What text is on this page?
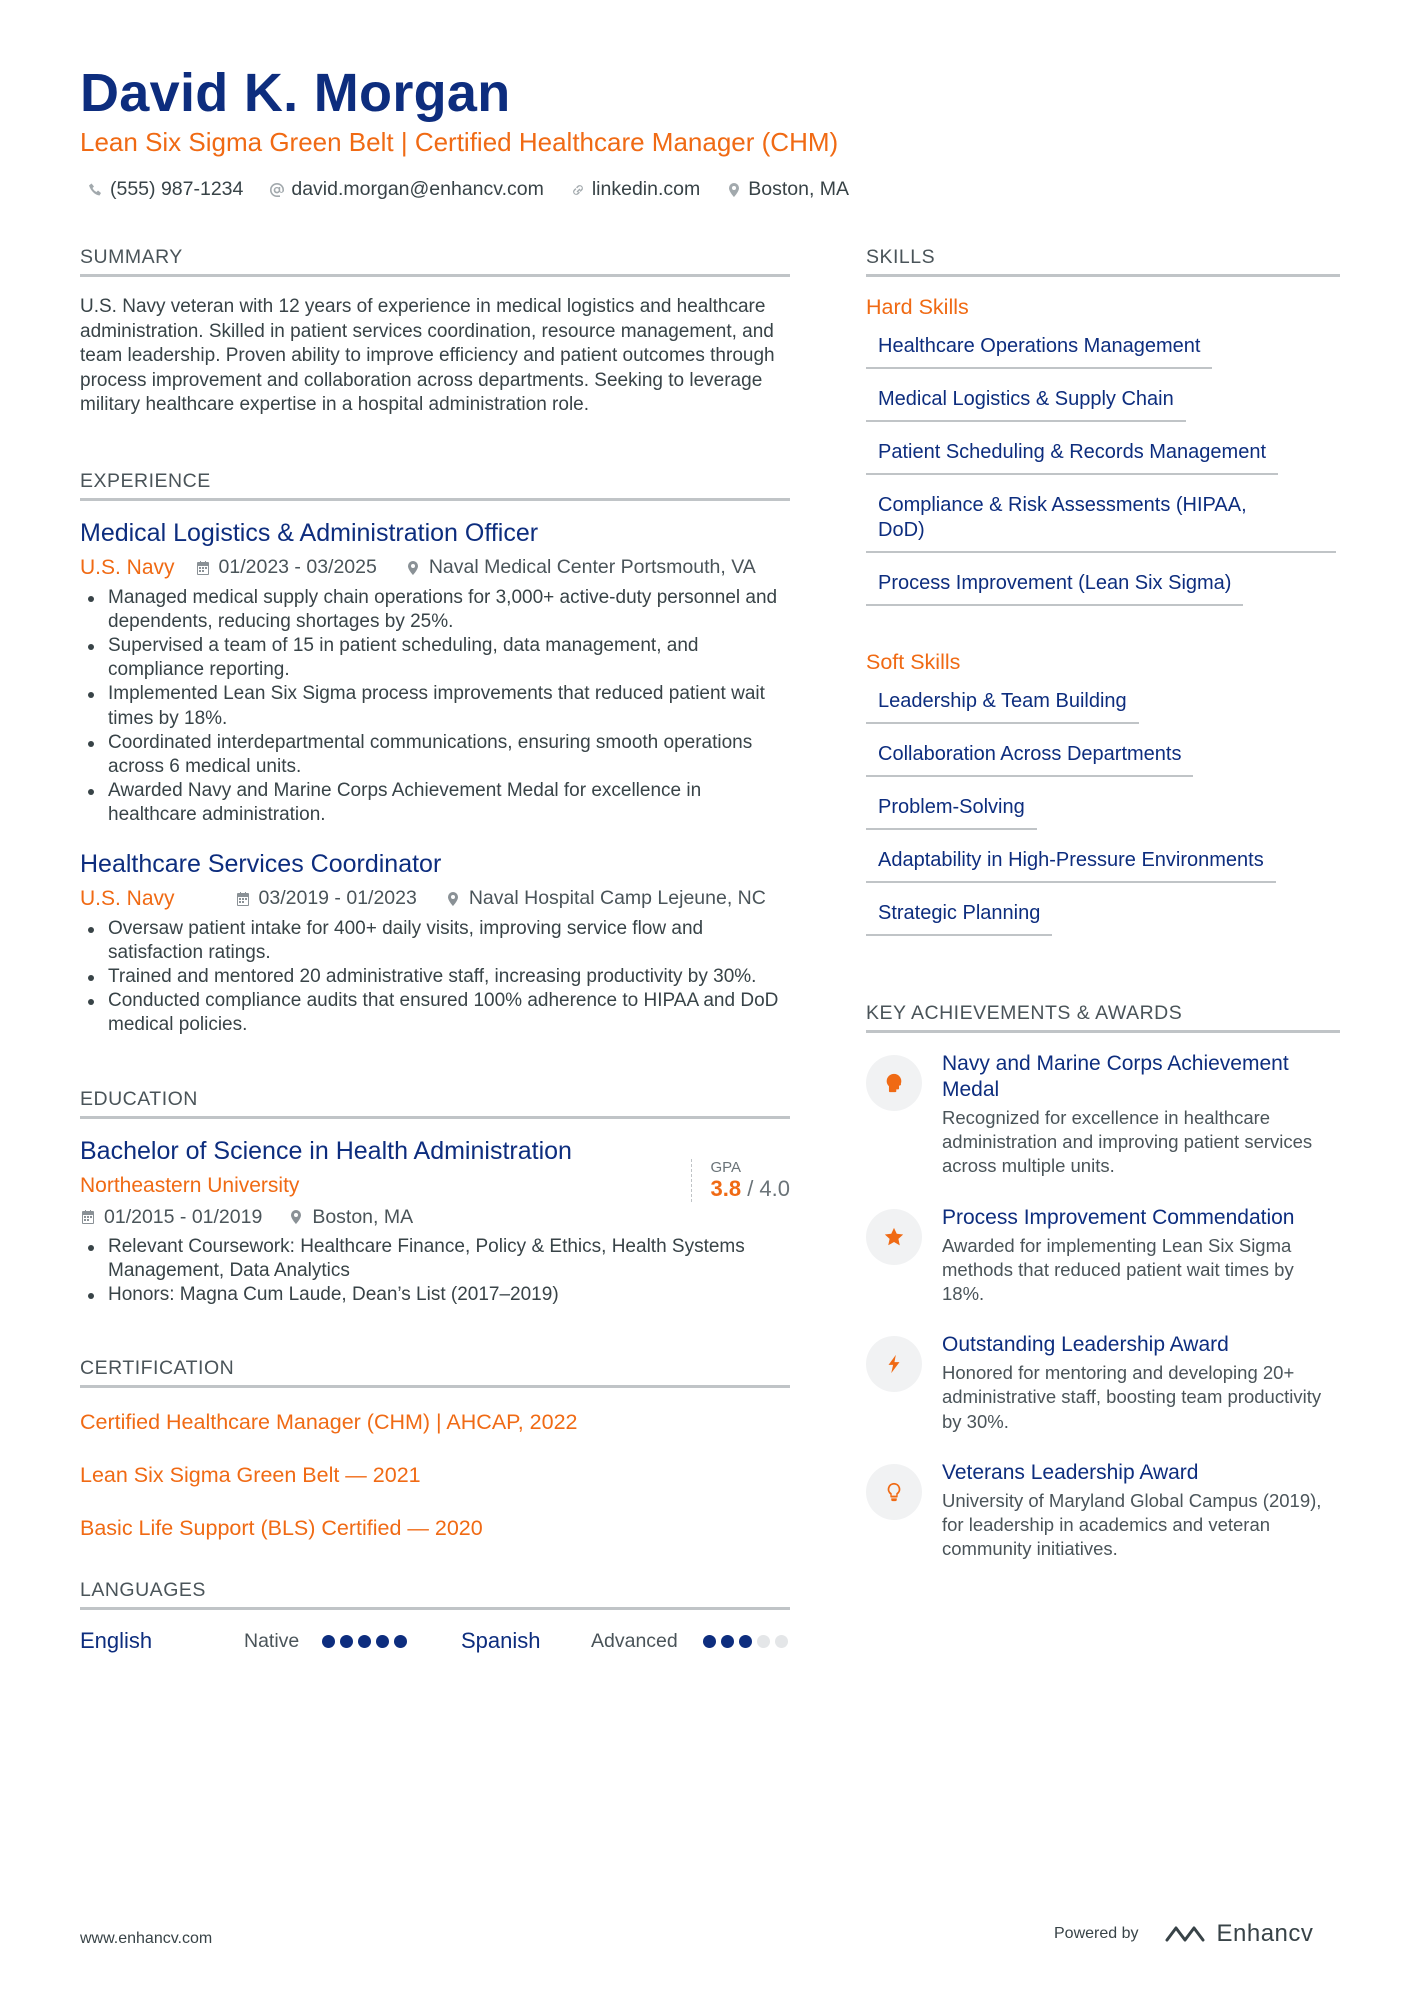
David K. Morgan
Lean Six Sigma Green Belt | Certified Healthcare Manager (CHM)
(555) 987-1234 david.morgan@enhancv.com linkedin.com Boston, MA
SUMMARY

U.S. Navy veteran with 12 years of experience in medical logistics and healthcare administration. Skilled in patient services coordination, resource management, and team leadership. Proven ability to improve efficiency and patient outcomes through process improvement and collaboration across departments. Seeking to leverage military healthcare expertise in a hospital administration role.

EXPERIENCE
Medical Logistics & Administration Officer
U.S. Navy 01/2023 - 03/2025	Naval Medical Center Portsmouth, VA
Managed medical supply chain operations for 3,000+ active-duty personnel and dependents, reducing shortages by 25%.
Supervised a team of 15 in patient scheduling, data management, and compliance reporting.
Implemented Lean Six Sigma process improvements that reduced patient wait times by 18%.
Coordinated interdepartmental communications, ensuring smooth operations across 6 medical units.
Awarded Navy and Marine Corps Achievement Medal for excellence in healthcare administration.
Healthcare Services Coordinator
U.S. Navy	03/2019 - 01/2023	Naval Hospital Camp Lejeune, NC
Oversaw patient intake for 400+ daily visits, improving service flow and satisfaction ratings.
Trained and mentored 20 administrative staff, increasing productivity by 30%.
Conducted compliance audits that ensured 100% adherence to HIPAA and DoD medical policies.
EDUCATION
Bachelor of Science in Health Administration
Northeastern University
GPA
3.8 / 4.0
01/2015 - 01/2019	Boston, MA
Relevant Coursework: Healthcare Finance, Policy & Ethics, Health Systems Management, Data Analytics
Honors: Magna Cum Laude, Dean’s List (2017–2019)
CERTIFICATION
Certified Healthcare Manager (CHM) | AHCAP, 2022
Lean Six Sigma Green Belt — 2021
Basic Life Support (BLS) Certified — 2020
LANGUAGES
English	Native	Spanish	Advanced
SKILLS
Hard Skills
Healthcare Operations Management
Medical Logistics & Supply Chain
Patient Scheduling & Records Management

Compliance & Risk Assessments (HIPAA, DoD)
Process Improvement (Lean Six Sigma)
Soft Skills
Leadership & Team Building
Collaboration Across Departments
Problem-Solving
Adaptability in High-Pressure Environments
Strategic Planning
KEY ACHIEVEMENTS & AWARDS
Navy and Marine Corps Achievement Medal
Recognized for excellence in healthcare administration and improving patient services across multiple units.
Process Improvement Commendation
Awarded for implementing Lean Six Sigma methods that reduced patient wait times by 18%.
Outstanding Leadership Award
Honored for mentoring and developing 20+ administrative staff, boosting team productivity by 30%.
Veterans Leadership Award
University of Maryland Global Campus (2019), for leadership in academics and veteran community initiatives.
www.enhancv.com	Powered by	Enhancv
